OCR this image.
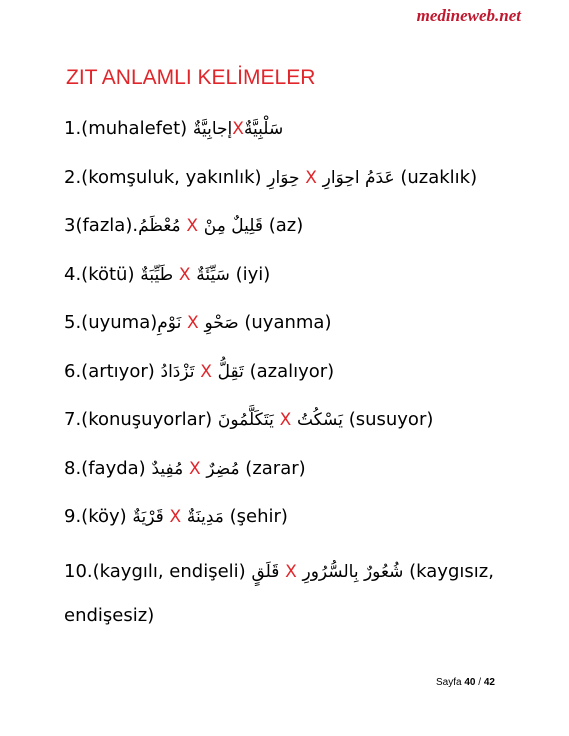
medineweb.net

ZIT ANLAMLI KELİMELER
1.(muhalefet) إجابِيَّةٌXسَلْبِيَّةٌ
2.(komşuluk, yakınlık) حِوَارِ X عَدَمُ احِوَارِ (uzaklık)
3(fazla).مُعْظَمُ X قَلِيلٌ مِنْ (az)
4.(kötü) طَيِّبَةٌ X سَيِّئَةٌ (iyi)
5.(uyuma)نَوْمِ X صَحْوِ (uyanma)
6.(artıyor) تَزْدَادُ X تَقِلُّ (azalıyor)
7.(konuşuyorlar) يَتَكَلَّمُونَ X يَسْكُتُ (susuyor)
8.(fayda) مُفِيدٌ X مُضِرٌ (zarar)
9.(köy) قَرْيَةٌ X مَدِينَةٌ (şehir)
10.(kaygılı, endişeli) قَلَقٍ X شُعُورٌ بِالسُّرُورِ (kaygısız, endişesiz)

Sayfa 40 / 42
